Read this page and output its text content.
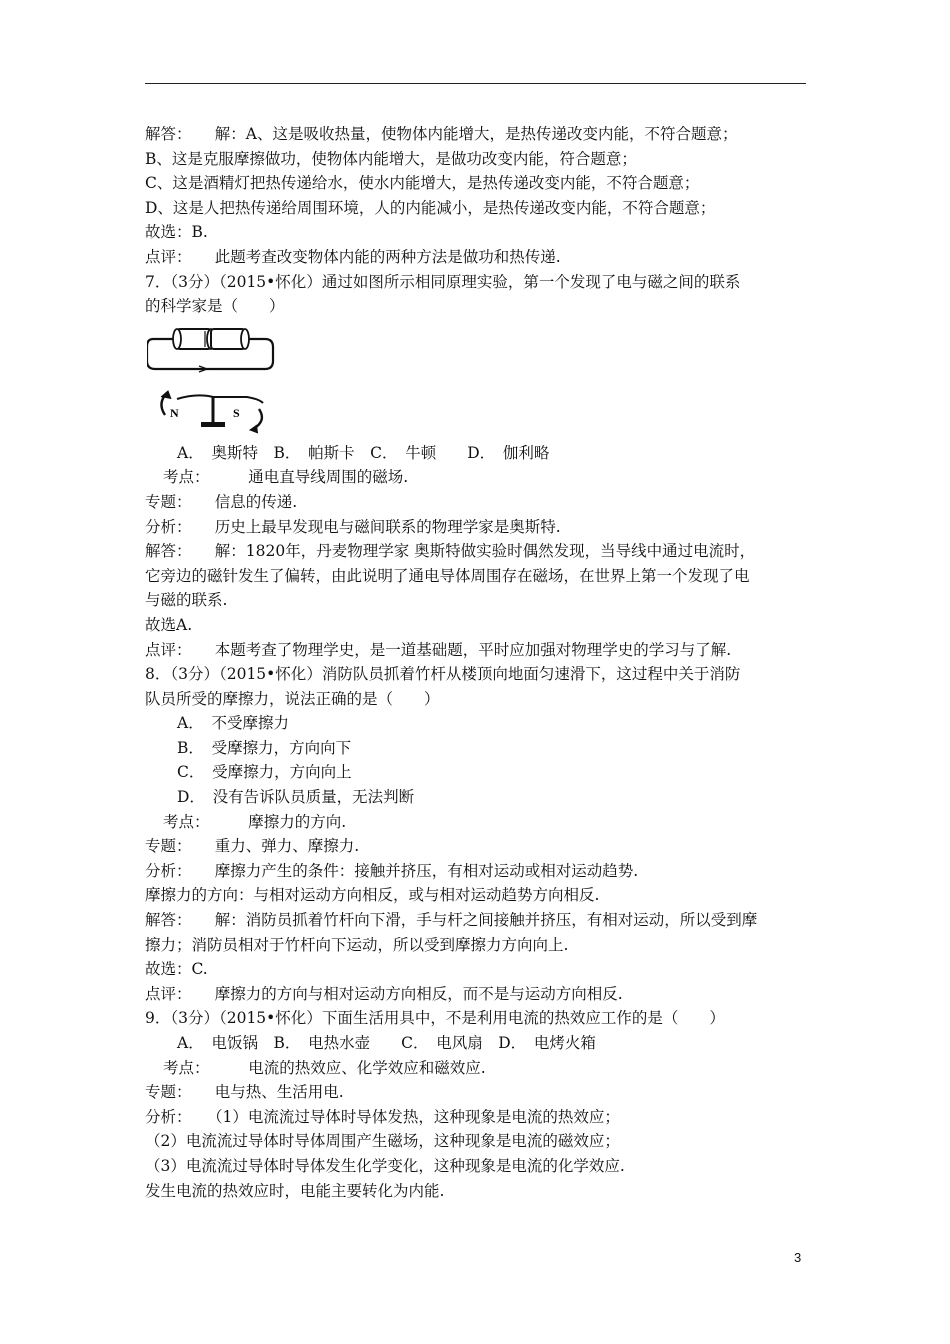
解答：　　解：A、这是吸收热量，使物体内能增大，是热传递改变内能，不符合题意；
B、这是克服摩擦做功，使物体内能增大，是做功改变内能，符合题意；
C、这是酒精灯把热传递给水，使水内能增大，是热传递改变内能，不符合题意；
D、这是人把热传递给周围环境，人的内能减小，是热传递改变内能，不符合题意；
故选：B.
点评：　　此题考查改变物体内能的两种方法是做功和热传递.
7．（3分）（2015•怀化）通过如图所示相同原理实验，第一个发现了电与磁之间的联系
的科学家是（　　）
N	S
A．　奥斯特　B．　帕斯卡　C．　牛顿　　D．　伽利略
考点：　　　通电直导线周围的磁场.
专题：　　信息的传递.
分析：　　历史上最早发现电与磁间联系的物理学家是奥斯特.
解答：　　解：1820年，丹麦物理学家 奥斯特做实验时偶然发现，当导线中通过电流时，
它旁边的磁针发生了偏转，由此说明了通电导体周围存在磁场，在世界上第一个发现了电
与磁的联系.
故选A.
点评：　　本题考查了物理学史，是一道基础题，平时应加强对物理学史的学习与了解.
8．（3分）（2015•怀化）消防队员抓着竹杆从楼顶向地面匀速滑下，这过程中关于消防
队员所受的摩擦力，说法正确的是（　　）
A．　不受摩擦力
B．　受摩擦力，方向向下
C．　受摩擦力，方向向上
D．　没有告诉队员质量，无法判断
考点：　　　摩擦力的方向.
专题：　　重力、弹力、摩擦力.
分析：　　摩擦力产生的条件：接触并挤压，有相对运动或相对运动趋势.
摩擦力的方向：与相对运动方向相反，或与相对运动趋势方向相反.
解答：　　解：消防员抓着竹杆向下滑，手与杆之间接触并挤压，有相对运动，所以受到摩
擦力；消防员相对于竹杆向下运动，所以受到摩擦力方向向上.
故选：C.
点评：　　摩擦力的方向与相对运动方向相反，而不是与运动方向相反.
9．（3分）（2015•怀化）下面生活用具中，不是利用电流的热效应工作的是（　　）
A．　电饭锅　B．　电热水壶　　C．　电风扇　D．　电烤火箱
考点：　　　电流的热效应、化学效应和磁效应.
专题：　　电与热、生活用电.
分析：　　（1）电流流过导体时导体发热，这种现象是电流的热效应；
（2）电流流过导体时导体周围产生磁场，这种现象是电流的磁效应；
（3）电流流过导体时导体发生化学变化，这种现象是电流的化学效应.
发生电流的热效应时，电能主要转化为内能.
3
